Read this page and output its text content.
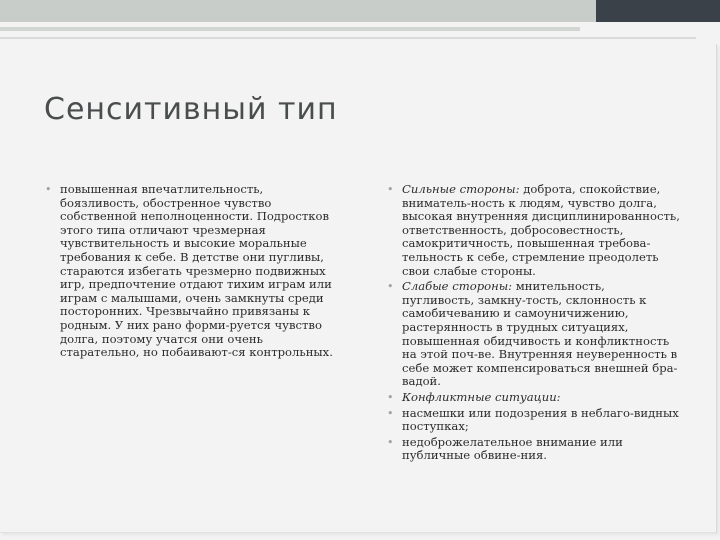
Сенситивный тип
• повышенная впечатлительность, боязливость, обостренное чувство собственной неполноценности. Подростков этого типа отличают чрезмерная чувствительность и высокие моральные требования к себе. В детстве они пугливы, стараются избегать чрезмерно подвижных игр, предпочтение отдают тихим играм или играм с малышами, очень замкнуты среди посторонних. Чрезвычайно привязаны к родным. У них рано форми-руется чувство долга, поэтому учатся они очень старательно, но побаивают-ся контрольных.
• Сильные стороны: доброта, спокойствие, вниматель-ность к людям, чувство долга, высокая внутренняя дисциплинированность, ответственность, добросовестность, самокритичность, повышенная требова-тельность к себе, стремление преодолеть свои слабые стороны.
• Слабые стороны: мнительность, пугливость, замкну-тость, склонность к самобичеванию и самоуничижению, растерянность в трудных ситуациях, повышенная обидчивость и конфликтность на этой поч-ве. Внутренняя неуверенность в себе может компенсироваться внешней бра-вадой.
• Конфликтные ситуации:
• насмешки или подозрения в неблаго-видных поступках;
• недоброжелательное внимание или публичные обвине-ния.
